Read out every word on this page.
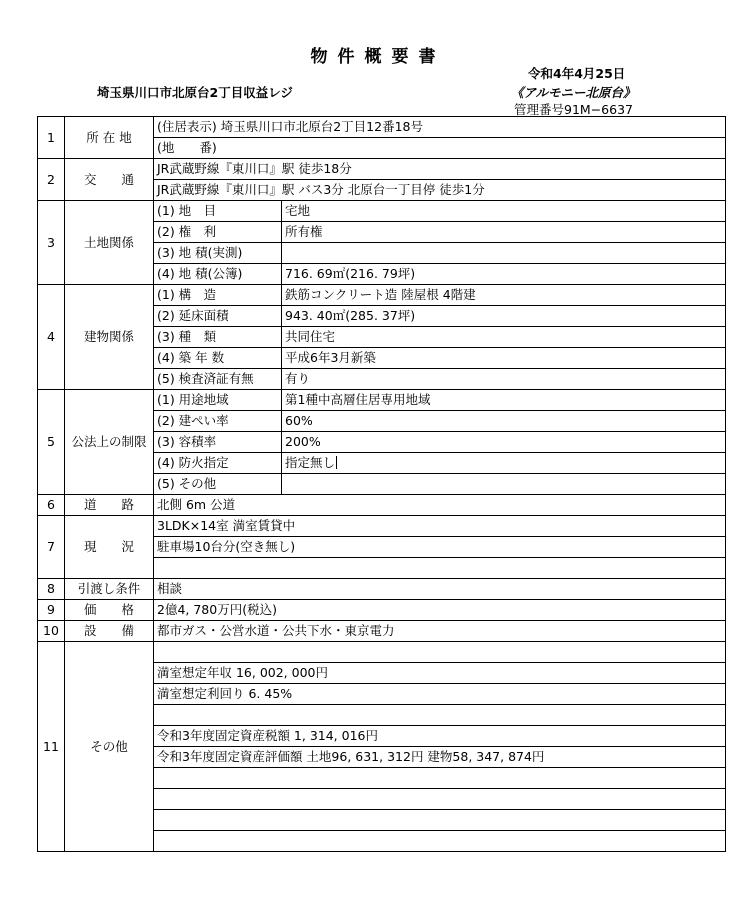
物件概要書
令和4年4月25日
埼玉県川口市北原台2丁目収益レジ	《アルモニー北原台》
管理番号91M−6637
1	所 在 地	(住居表示) 埼玉県川口市北原台2丁目12番18号	
		(地　　番)	
2	交　　通	JR武蔵野線『東川口』駅 徒歩18分	
		JR武蔵野線『東川口』駅 バス3分 北原台一丁目停 徒歩1分	
3	土地関係	(1) 地　目	宅地
		(2) 権　利	所有権
		(3) 地 積(実測)	
		(4) 地 積(公簿)	716. 69㎡(216. 79坪)
4	建物関係	(1) 構　造	鉄筋コンクリート造 陸屋根 4階建
		(2) 延床面積	943. 40㎡(285. 37坪)
		(3) 種　類	共同住宅
		(4) 築 年 数	平成6年3月新築
		(5) 検査済証有無	有り
5	公法上の制限	(1) 用途地域	第1種中高層住居専用地域
		(2) 建ぺい率	60%
		(3) 容積率	200%
		(4) 防火指定	指定無し
		(5) その他	
6	道　　路	北側 6m 公道	
7	現　　況	3LDK×14室 満室賃貸中	
		駐車場10台分(空き無し)	

8	引渡し条件	相談	
9	価　　格	2億4, 780万円(税込)	
10	設　　備	都市ガス・公営水道・公共下水・東京電力	
11	その他		
		満室想定年収 16, 002, 000円	
		満室想定利回り 6. 45%	

		令和3年度固定資産税額 1, 314, 016円	
		令和3年度固定資産評価額 土地96, 631, 312円 建物58, 347, 874円	
